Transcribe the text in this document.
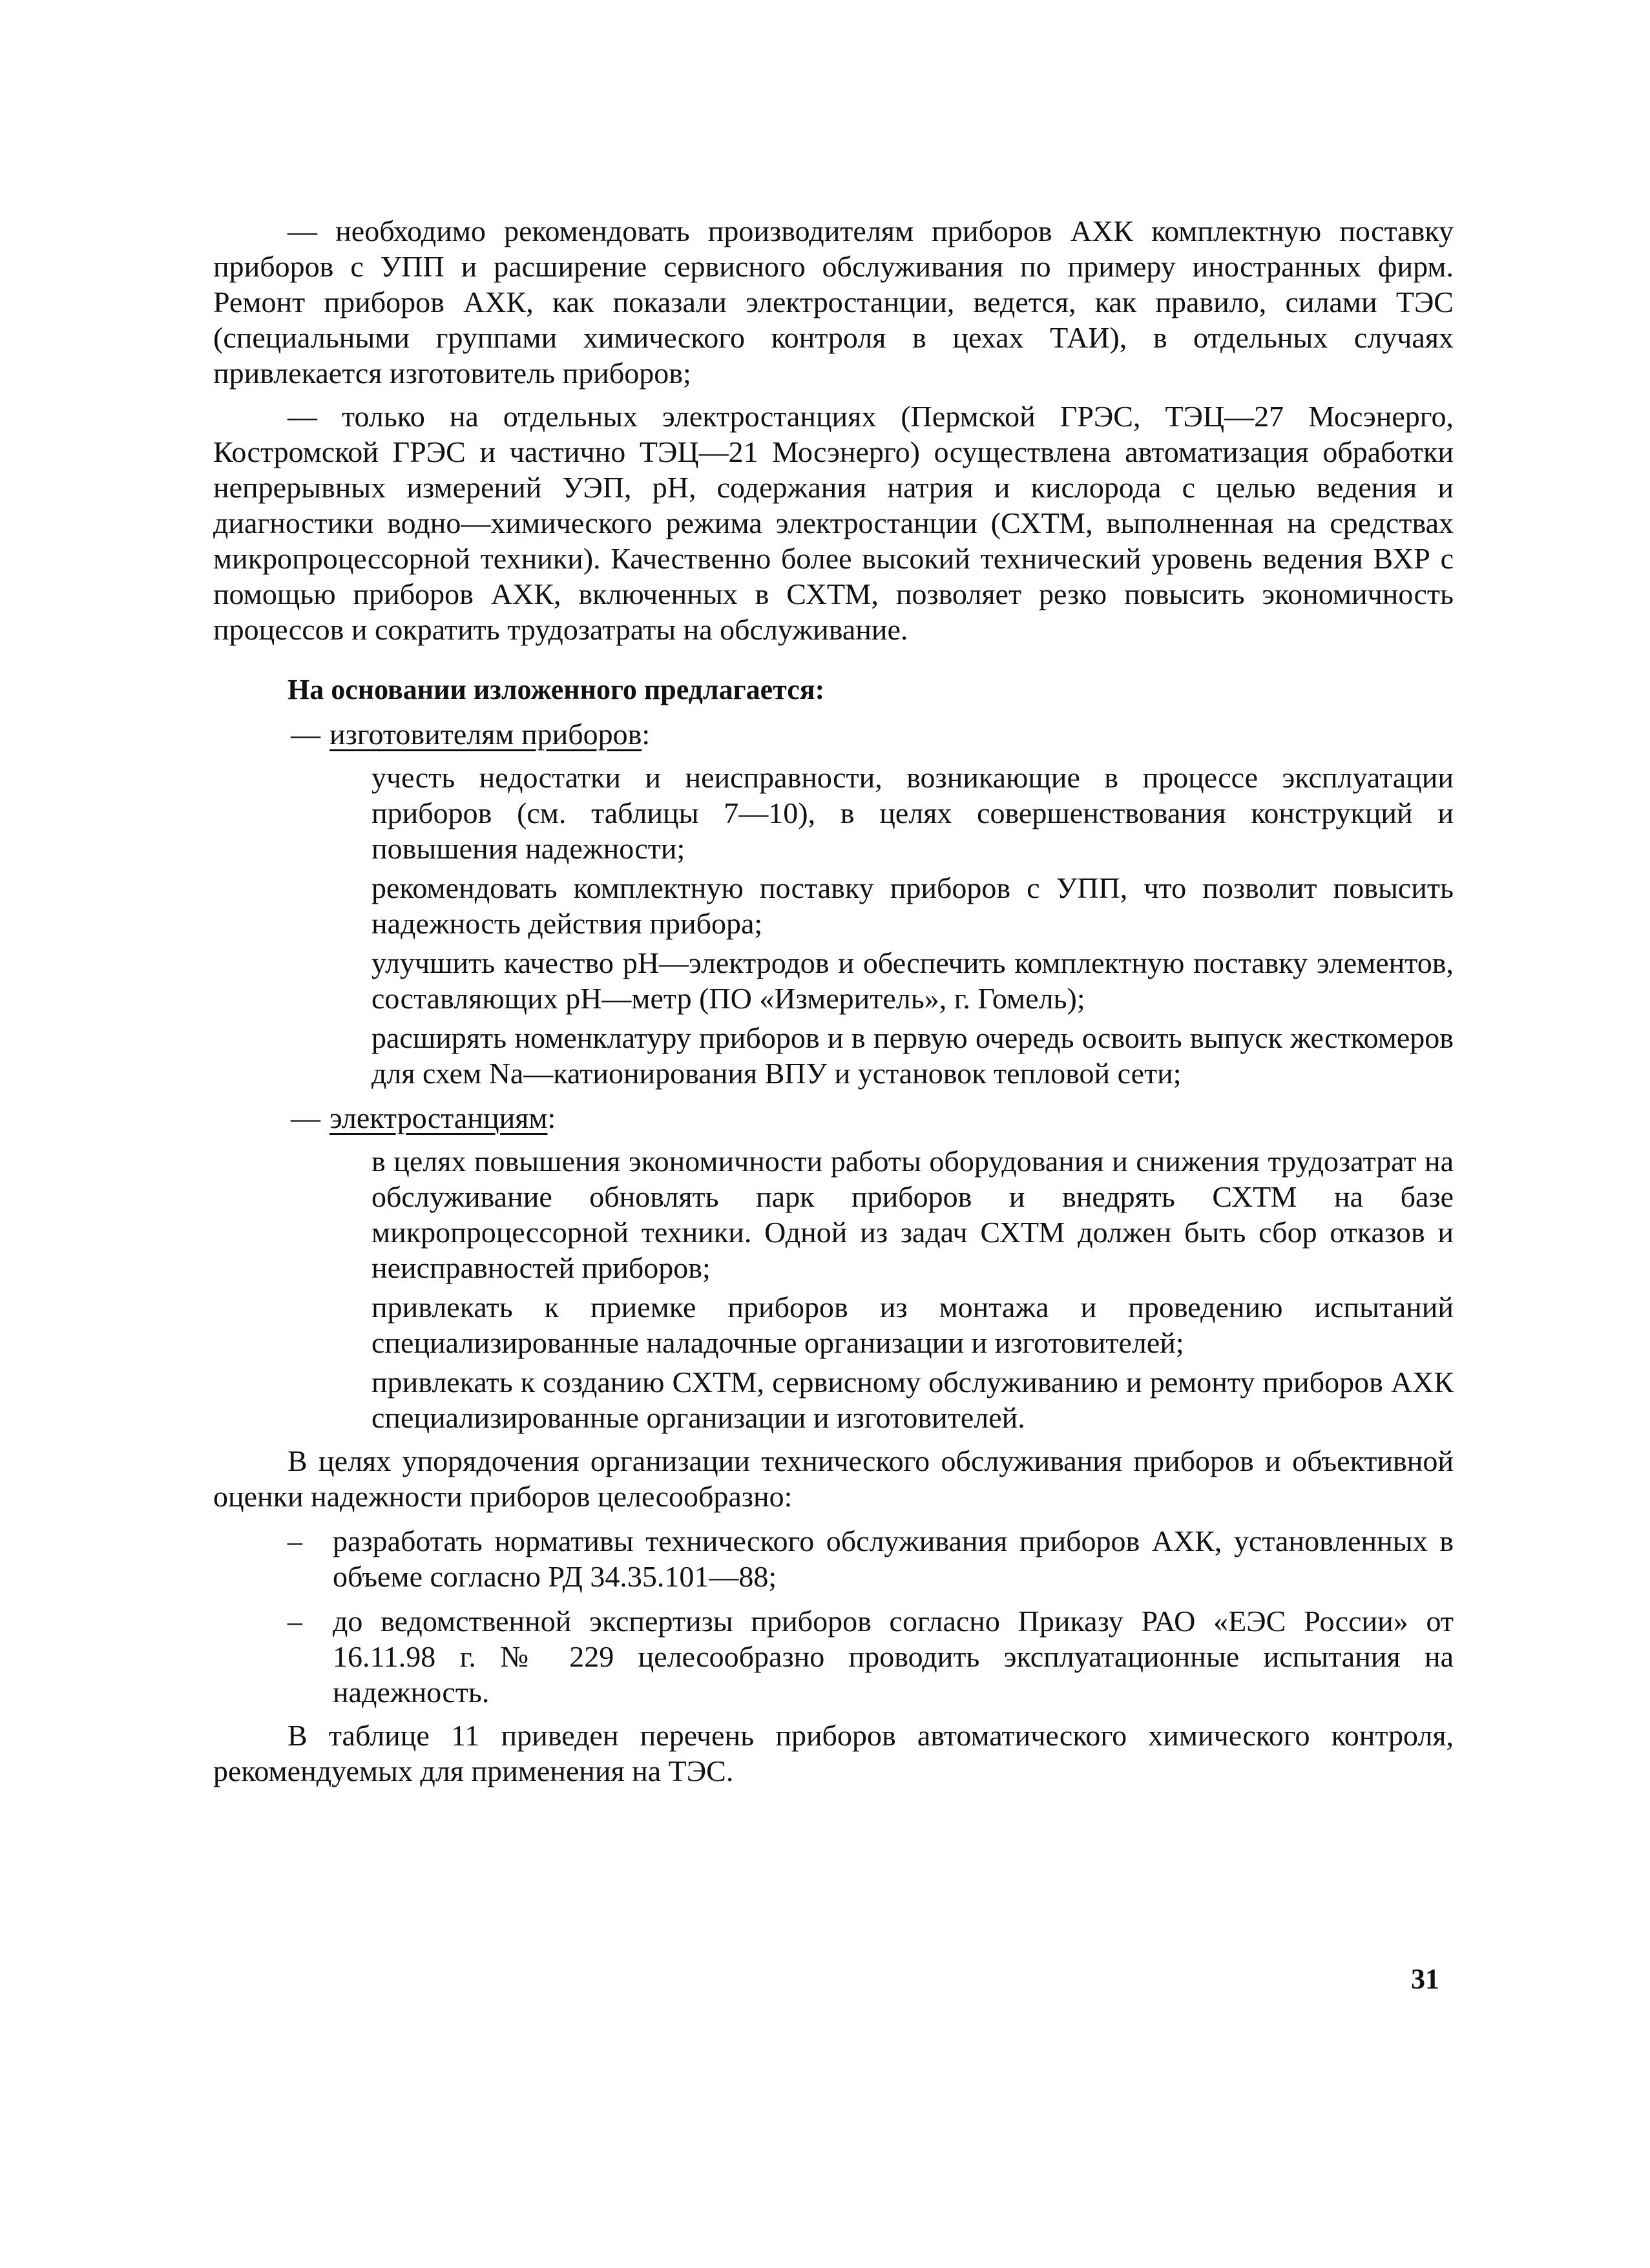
— необходимо рекомендовать производителям приборов АХК комплектную поставку приборов с УПП и расширение сервисного обслуживания по примеру иностранных фирм. Ремонт приборов АХК, как показали электростанции, ведется, как правило, силами ТЭС (специальными группами химического контроля в цехах ТАИ), в отдельных случаях привлекается изготовитель приборов;

— только на отдельных электростанциях (Пермской ГРЭС, ТЭЦ—27 Мосэнерго, Костромской ГРЭС и частично ТЭЦ—21 Мосэнерго) осуществлена автоматизация обработки непрерывных измерений УЭП, pH, содержания натрия и кислорода с целью ведения и диагностики водно—химического режима электростанции (СХТМ, выполненная на средствах микропроцессорной техники). Качественно более высокий технический уровень ведения ВХР с помощью приборов АХК, включенных в СХТМ, позволяет резко повысить экономичность процессов и сократить трудозатраты на обслуживание.

На основании изложенного предлагается:

— изготовителям приборов :

учесть недостатки и неисправности, возникающие в процессе эксплуатации приборов (см. таблицы 7—10), в целях совершенствования конструкций и повышения надежности;

рекомендовать комплектную поставку приборов с УПП, что позволит повысить надежность действия прибора;

улучшить качество pH—электродов и обеспечить комплектную поставку элементов, составляющих pH—метр (ПО «Измеритель», г. Гомель);

расширять номенклатуру приборов и в первую очередь освоить выпуск жесткомеров для схем Na—катионирования ВПУ и установок тепловой сети;

— электростанциям :

в целях повышения экономичности работы оборудования и снижения трудозатрат на обслуживание обновлять парк приборов и внедрять СХТМ на базе микропроцессорной техники. Одной из задач СХТМ должен быть сбор отказов и неисправностей приборов;

привлекать к приемке приборов из монтажа и проведению испытаний специализированные наладочные организации и изготовителей;

привлекать к созданию СХТМ, сервисному обслуживанию и ремонту приборов АХК специализированные организации и изготовителей.

В целях упорядочения организации технического обслуживания приборов и объективной оценки надежности приборов целесообразно:

–	разработать нормативы технического обслуживания приборов АХК, установленных в объеме согласно РД 34.35.101—88;
–	до ведомственной экспертизы приборов согласно Приказу РАО «ЕЭС России» от 16.11.98 г. № 229 целесообразно проводить эксплуатационные испытания на надежность.

В таблице 11 приведен перечень приборов автоматического химического контроля, рекомендуемых для применения на ТЭС.

31
